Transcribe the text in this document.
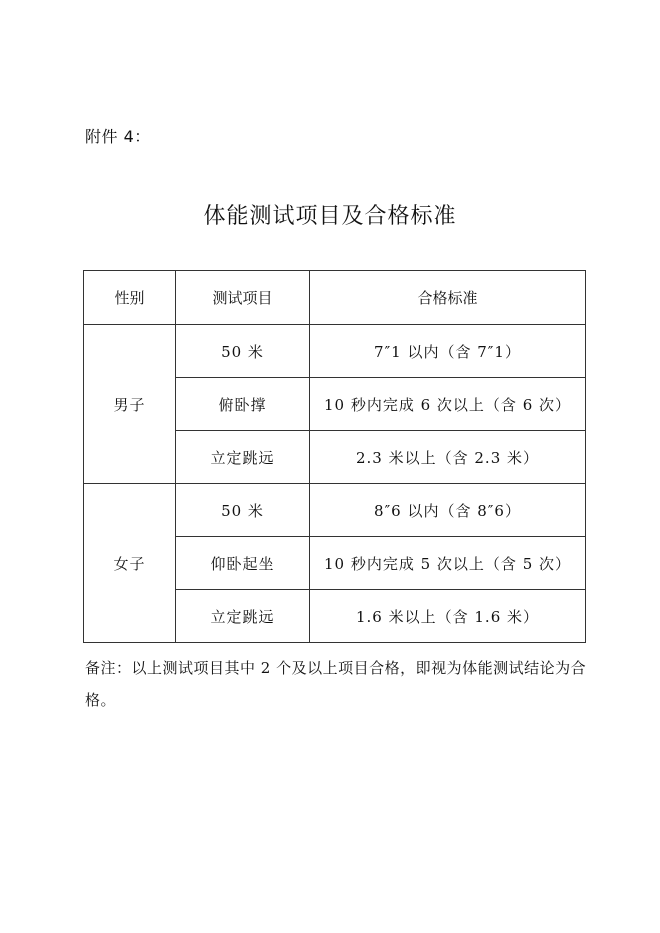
附件 4：
体能测试项目及合格标准
性别	测试项目	合格标准
男子	50 米	7″1 以内（含 7″1）
	俯卧撑	10 秒内完成 6 次以上（含 6 次）
	立定跳远	2.3 米以上（含 2.3 米）
女子	50 米	8″6 以内（含 8″6）
	仰卧起坐	10 秒内完成 5 次以上（含 5 次）
	立定跳远	1.6 米以上（含 1.6 米）
备注：以上测试项目其中 2 个及以上项目合格，即视为体能测试结论为合格。
